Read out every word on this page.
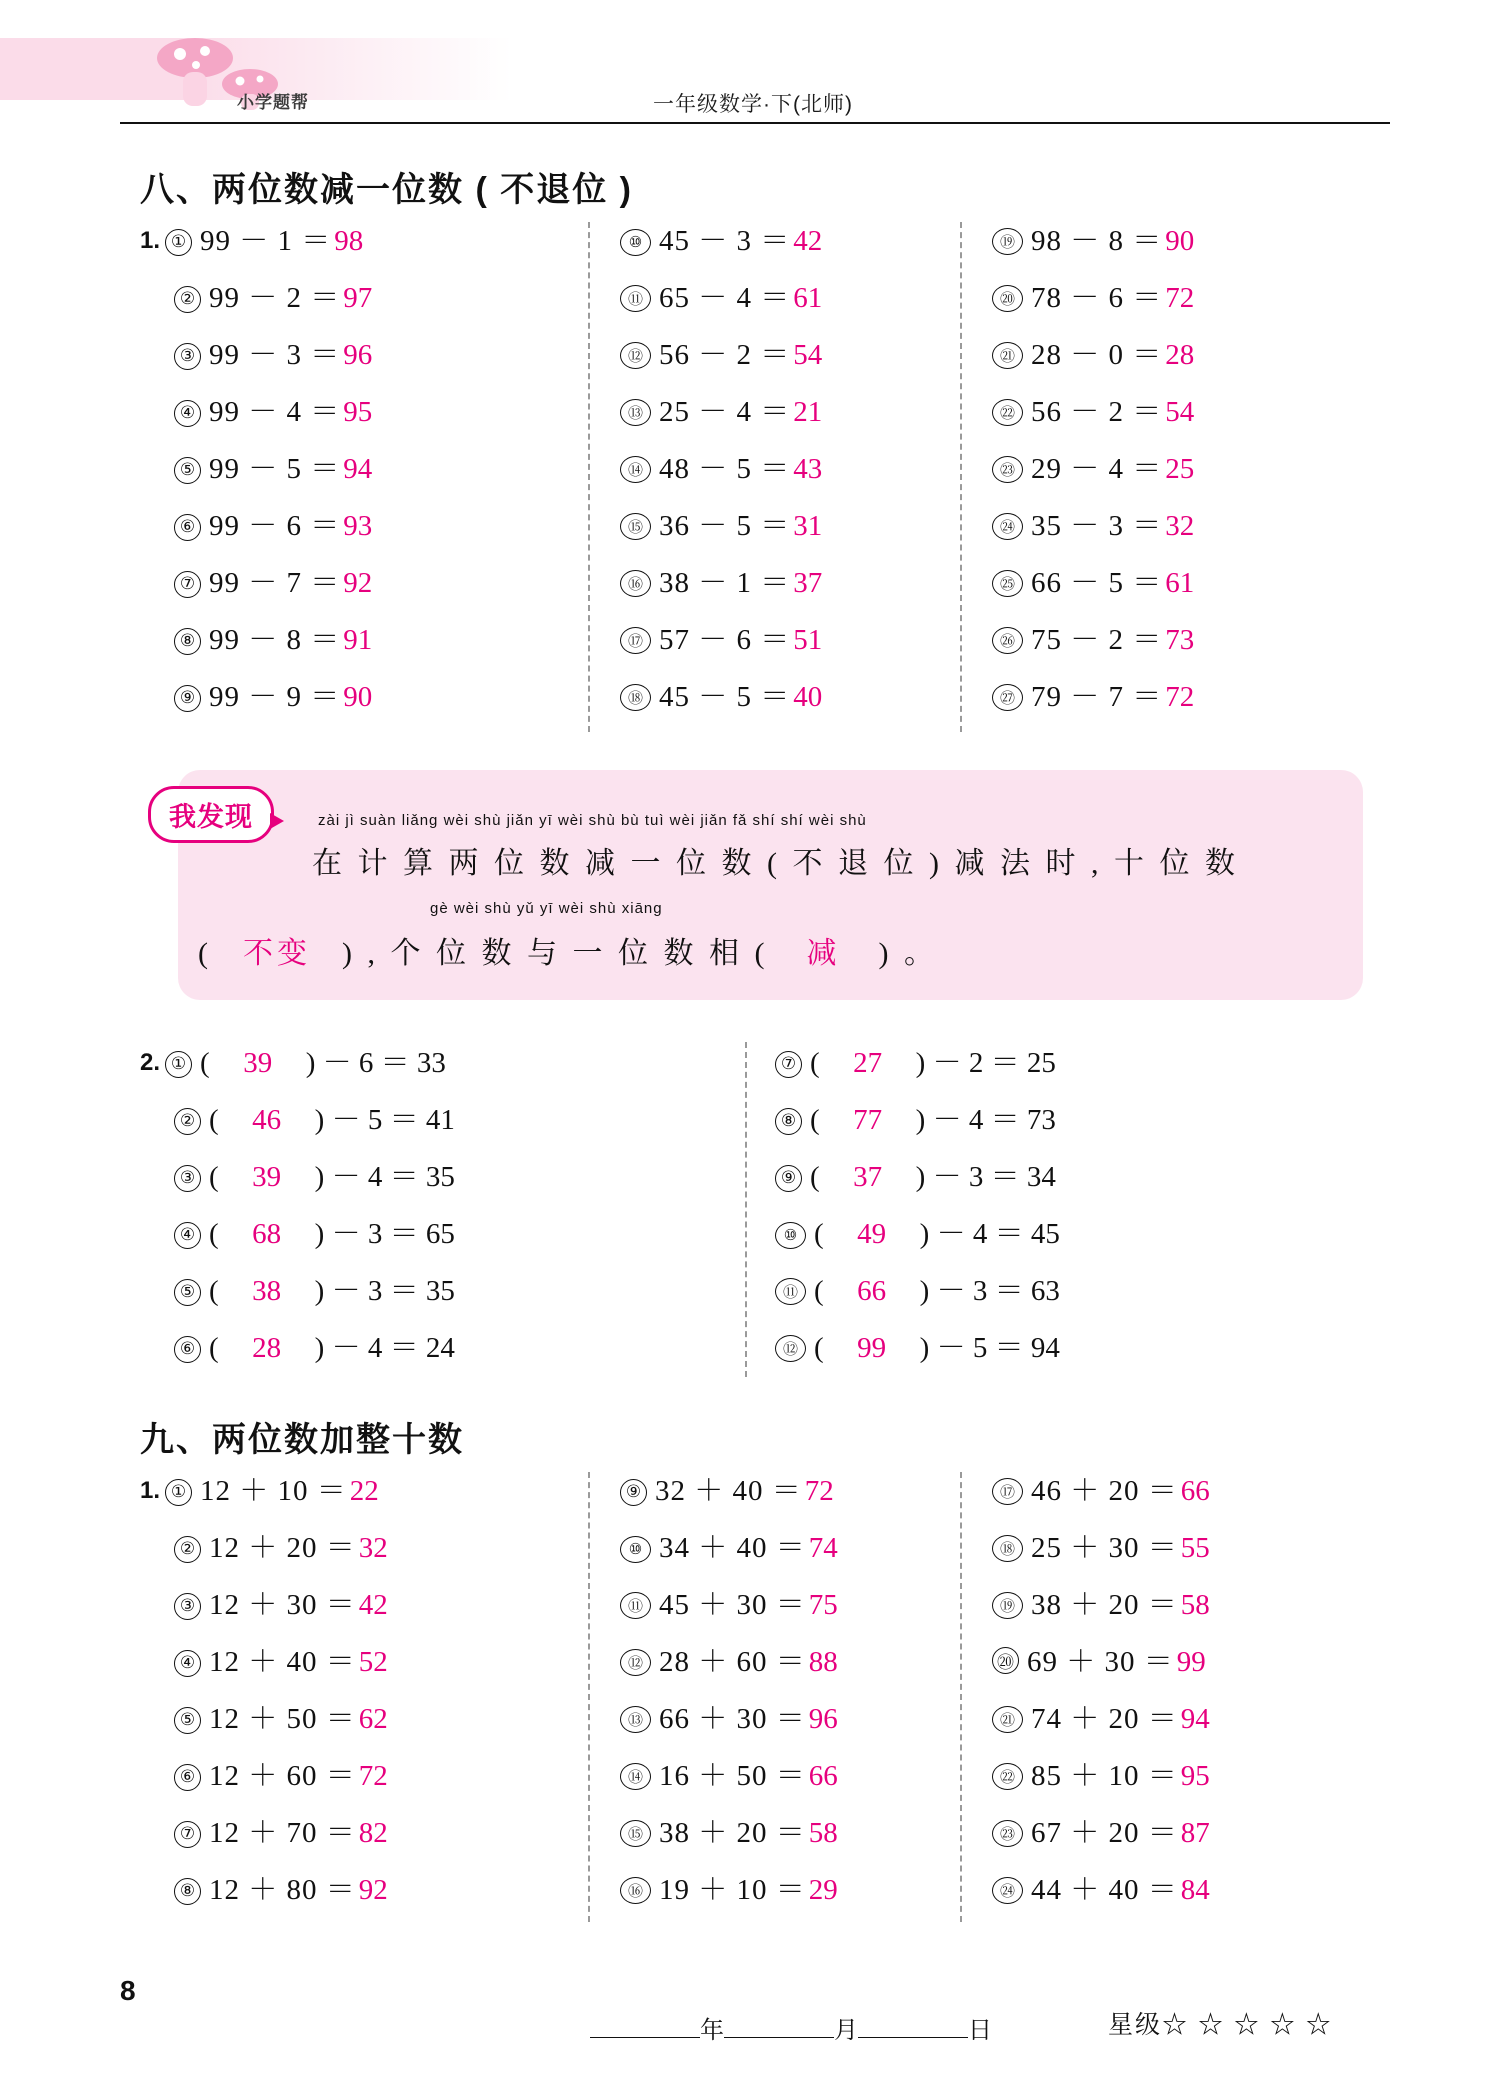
小学题帮	一年级数学·下(北师)
八、两位数减一位数 ( 不退位 )
1. ① 99 － 1 ＝ 98
② 99 － 2 ＝ 97
③ 99 － 3 ＝ 96
④ 99 － 4 ＝ 95
⑤ 99 － 5 ＝ 94
⑥ 99 － 6 ＝ 93
⑦ 99 － 7 ＝ 92
⑧ 99 － 8 ＝ 91
⑨ 99 － 9 ＝ 90
⑩ 45 － 3 ＝ 42
⑪ 65 － 4 ＝ 61
⑫ 56 － 2 ＝ 54
⑬ 25 － 4 ＝ 21
⑭ 48 － 5 ＝ 43
⑮ 36 － 5 ＝ 31
⑯ 38 － 1 ＝ 37
⑰ 57 － 6 ＝ 51
⑱ 45 － 5 ＝ 40
⑲ 98 － 8 ＝ 90
⑳ 78 － 6 ＝ 72
㉑ 28 － 0 ＝ 28
㉒ 56 － 2 ＝ 54
㉓ 29 － 4 ＝ 25
㉔ 35 － 3 ＝ 32
㉕ 66 － 5 ＝ 61
㉖ 75 － 2 ＝ 73
㉗ 79 － 7 ＝ 72
我发现	zài jì suàn liǎng wèi shù jiǎn yī wèi shù bù tuì wèi jiǎn fǎ shí shí wèi shù
在 计 算 两 位 数 减 一 位 数 ( 不 退 位 ) 减 法 时 , 十 位 数
gè wèi shù yǔ yī wèi shù xiāng
(	不变	) , 个 位 数 与 一 位 数 相 (	减	) 。
2. ① (	39	) － 6 ＝ 33
② (	46	) － 5 ＝ 41
③ (	39	) － 4 ＝ 35
④ (	68	) － 3 ＝ 65
⑤ (	38	) － 3 ＝ 35
⑥ (	28	) － 4 ＝ 24
⑦ (	27	) － 2 ＝ 25
⑧ (	77	) － 4 ＝ 73
⑨ (	37	) － 3 ＝ 34
⑩ (	49	) － 4 ＝ 45
⑪ (	66	) － 3 ＝ 63
⑫ (	99	) － 5 ＝ 94
九、两位数加整十数
1. ① 12 ＋ 10 ＝ 22
② 12 ＋ 20 ＝ 32
③ 12 ＋ 30 ＝ 42
④ 12 ＋ 40 ＝ 52
⑤ 12 ＋ 50 ＝ 62
⑥ 12 ＋ 60 ＝ 72
⑦ 12 ＋ 70 ＝ 82
⑧ 12 ＋ 80 ＝ 92
⑨ 32 ＋ 40 ＝ 72
⑩ 34 ＋ 40 ＝ 74
⑪ 45 ＋ 30 ＝ 75
⑫ 28 ＋ 60 ＝ 88
⑬ 66 ＋ 30 ＝ 96
⑭ 16 ＋ 50 ＝ 66
⑮ 38 ＋ 20 ＝ 58
⑯ 19 ＋ 10 ＝ 29
⑰ 46 ＋ 20 ＝ 66
⑱ 25 ＋ 30 ＝ 55
⑲ 38 ＋ 20 ＝ 58
⑳ 69 ＋ 30 ＝ 99
㉑ 74 ＋ 20 ＝ 94
㉒ 85 ＋ 10 ＝ 95
㉓ 67 ＋ 20 ＝ 87
㉔ 44 ＋ 40 ＝ 84
8
年	月	日	星级☆ ☆ ☆ ☆ ☆
